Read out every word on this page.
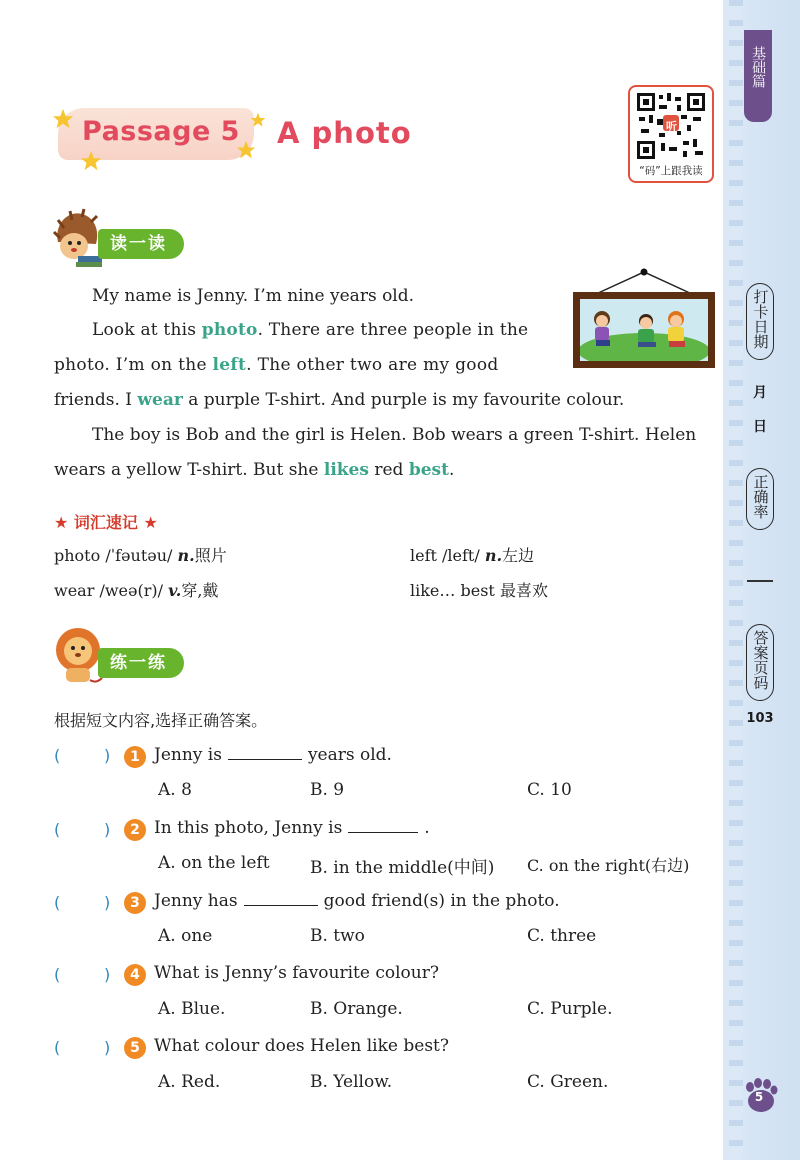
基础篇
打卡日期
月
日
正确率
答案页码
103
5
Passage 5 A photo	听
“码”上跟我读
读一读
My name is Jenny. I’m nine years old.
Look at this photo. There are three people in the
photo. I’m on the left. The other two are my good
friends. I wear a purple T-shirt. And purple is my favourite colour.
The boy is Bob and the girl is Helen. Bob wears a green T-shirt. Helen
wears a yellow T-shirt. But she likes red best.
★ 词汇速记 ★
photo /ˈfəutəu/ n.照片	left /left/ n.左边
wear /weə(r)/ v.穿,戴	like… best 最喜欢
练一练
根据短文内容,选择正确答案。
(	)	1 Jenny is	years old.
A. 8	B. 9	C. 10
(	)	2 In this photo, Jenny is	.
A. on the left B. in the middle(中间) C. on the right(右边)
(	)	3 Jenny has	good friend(s) in the photo.
A. one	B. two	C. three
(	)	4 What is Jenny’s favourite colour?
A. Blue.	B. Orange.	C. Purple.
(	)	5 What colour does Helen like best?
A. Red.	B. Yellow.	C. Green.
